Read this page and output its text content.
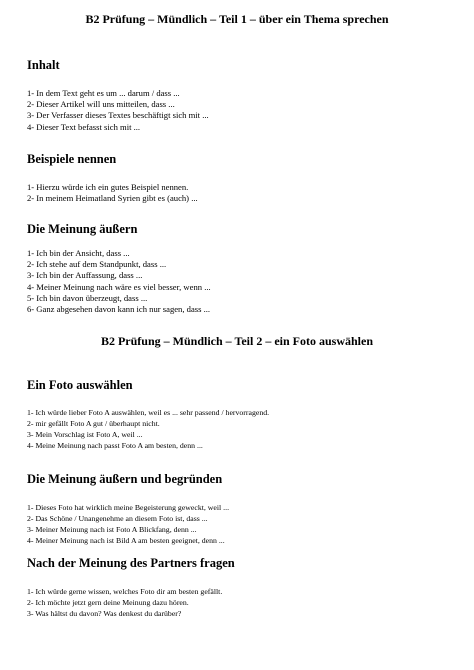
B2 Prüfung – Mündlich – Teil 1 – über ein Thema sprechen
Inhalt
1- In dem Text geht es um ... darum / dass ...
2- Dieser Artikel will uns mitteilen, dass ...
3- Der Verfasser dieses Textes beschäftigt sich mit ...
4- Dieser Text befasst sich mit ...
Beispiele nennen
1- Hierzu würde ich ein gutes Beispiel nennen.
2- In meinem Heimatland Syrien gibt es (auch) ...
Die Meinung äußern
1- Ich bin der Ansicht, dass ...
2- Ich stehe auf dem Standpunkt, dass ...
3- Ich bin der Auffassung, dass ...
4- Meiner Meinung nach wäre es viel besser, wenn ...
5- Ich bin davon überzeugt, dass ...
6- Ganz abgesehen davon kann ich nur sagen, dass ...
B2 Prüfung – Mündlich – Teil 2 – ein Foto auswählen
Ein Foto auswählen
1- Ich würde lieber Foto A auswählen, weil es ... sehr passend / hervorragend.
2- mir gefällt Foto A gut / überhaupt nicht.
3- Mein Vorschlag ist Foto A, weil ...
4- Meine Meinung nach passt Foto A am besten, denn ...
Die Meinung äußern und begründen
1- Dieses Foto hat wirklich meine Begeisterung geweckt, weil ...
2- Das Schöne / Unangenehme an diesem Foto ist, dass ...
3- Meiner Meinung nach ist Foto A Blickfang, denn ...
4- Meiner Meinung nach ist Bild A am besten geeignet, denn ...
Nach der Meinung des Partners fragen
1- Ich würde gerne wissen, welches Foto dir am besten gefällt.
2- Ich möchte jetzt gern deine Meinung dazu hören.
3- Was hältst du davon? Was denkest du darüber?
